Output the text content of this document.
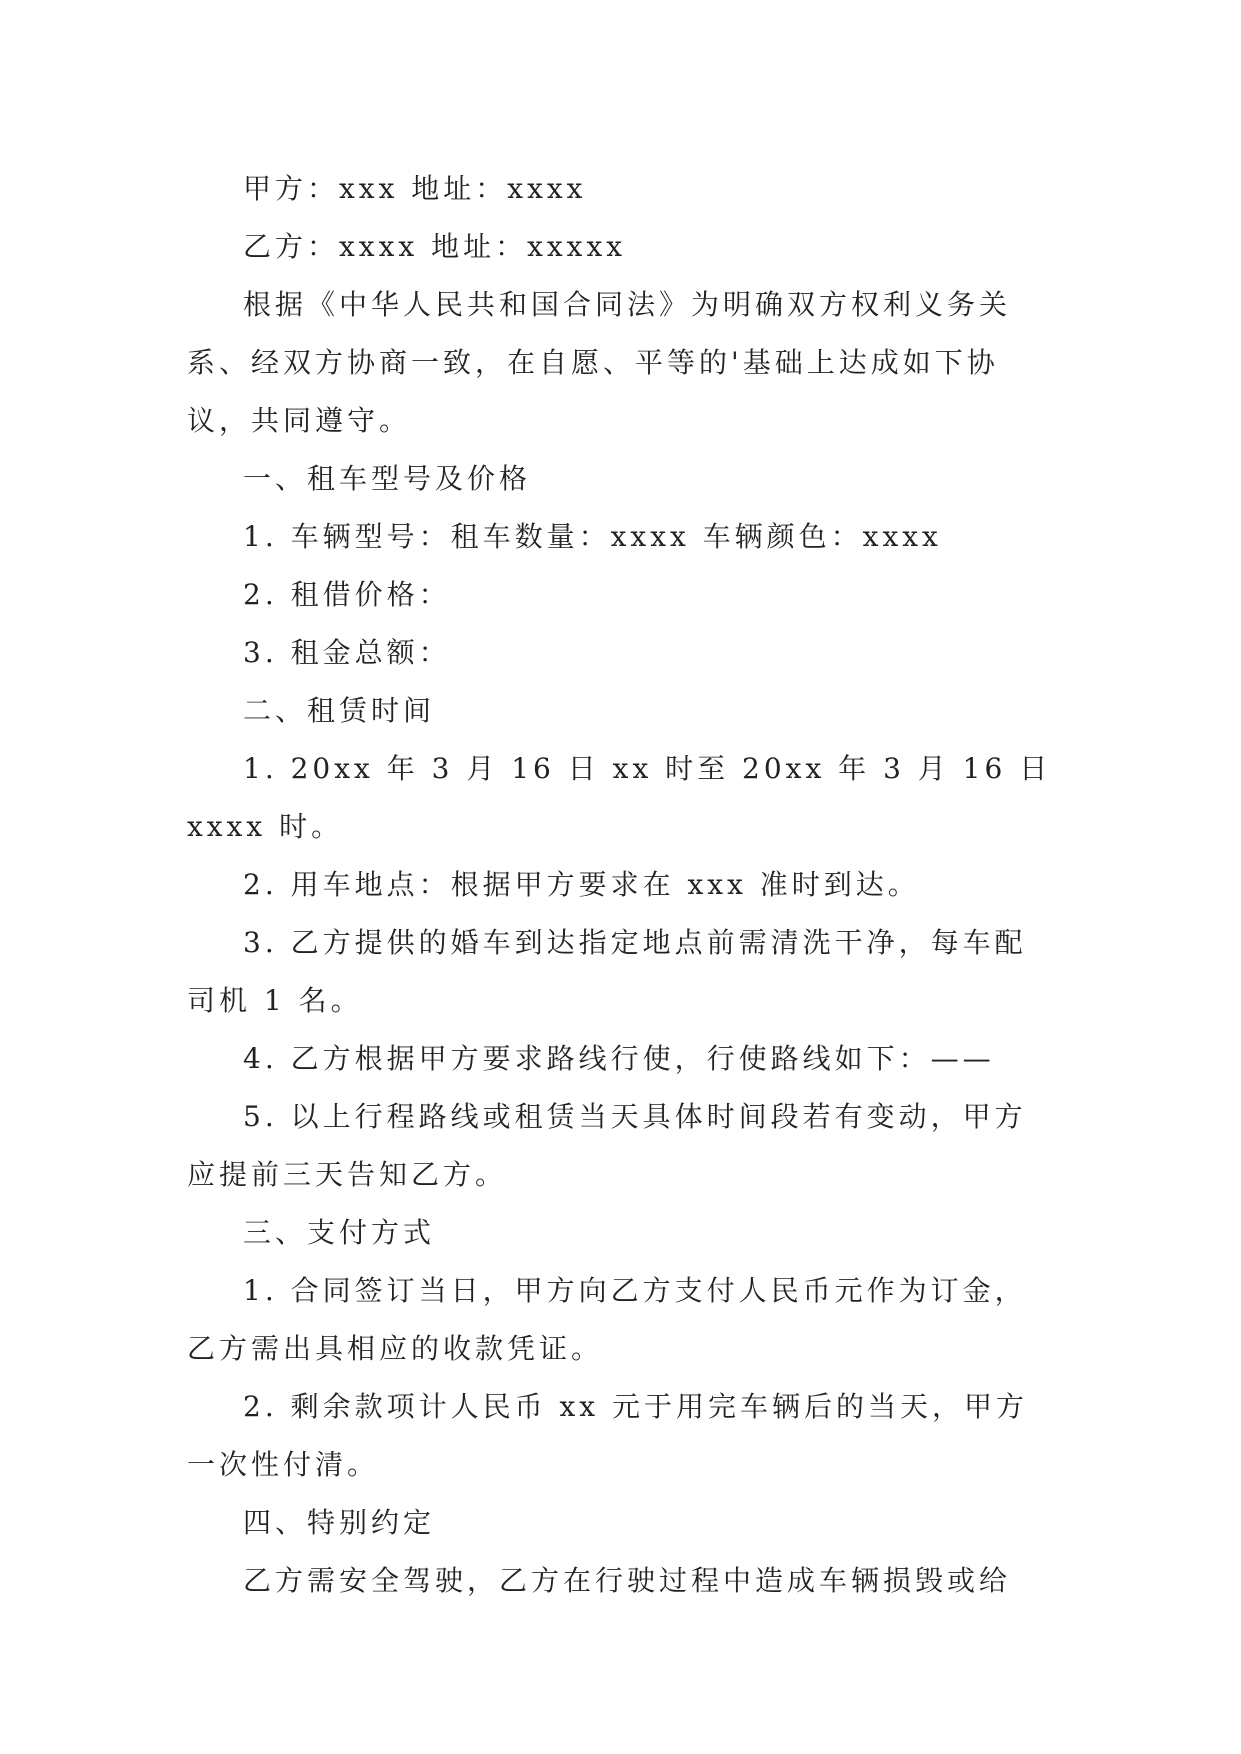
甲方：xxx 地址：xxxx

乙方：xxxx 地址：xxxxx

根据《中华人民共和国合同法》为明确双方权利义务关系、经双方协商一致，在自愿、平等的'基础上达成如下协议，共同遵守。

一、租车型号及价格

1. 车辆型号：租车数量：xxxx 车辆颜色：xxxx

2. 租借价格：

3. 租金总额：

二、租赁时间

1. 20xx 年 3 月 16 日 xx 时至 20xx 年 3 月 16 日 xxxx 时。

2. 用车地点：根据甲方要求在 xxx 准时到达。

3. 乙方提供的婚车到达指定地点前需清洗干净，每车配司机 1 名。

4. 乙方根据甲方要求路线行使，行使路线如下：——

5. 以上行程路线或租赁当天具体时间段若有变动，甲方应提前三天告知乙方。

三、支付方式

1. 合同签订当日，甲方向乙方支付人民币元作为订金，乙方需出具相应的收款凭证。

2. 剩余款项计人民币 xx 元于用完车辆后的当天，甲方一次性付清。

四、特别约定

乙方需安全驾驶，乙方在行驶过程中造成车辆损毁或给
